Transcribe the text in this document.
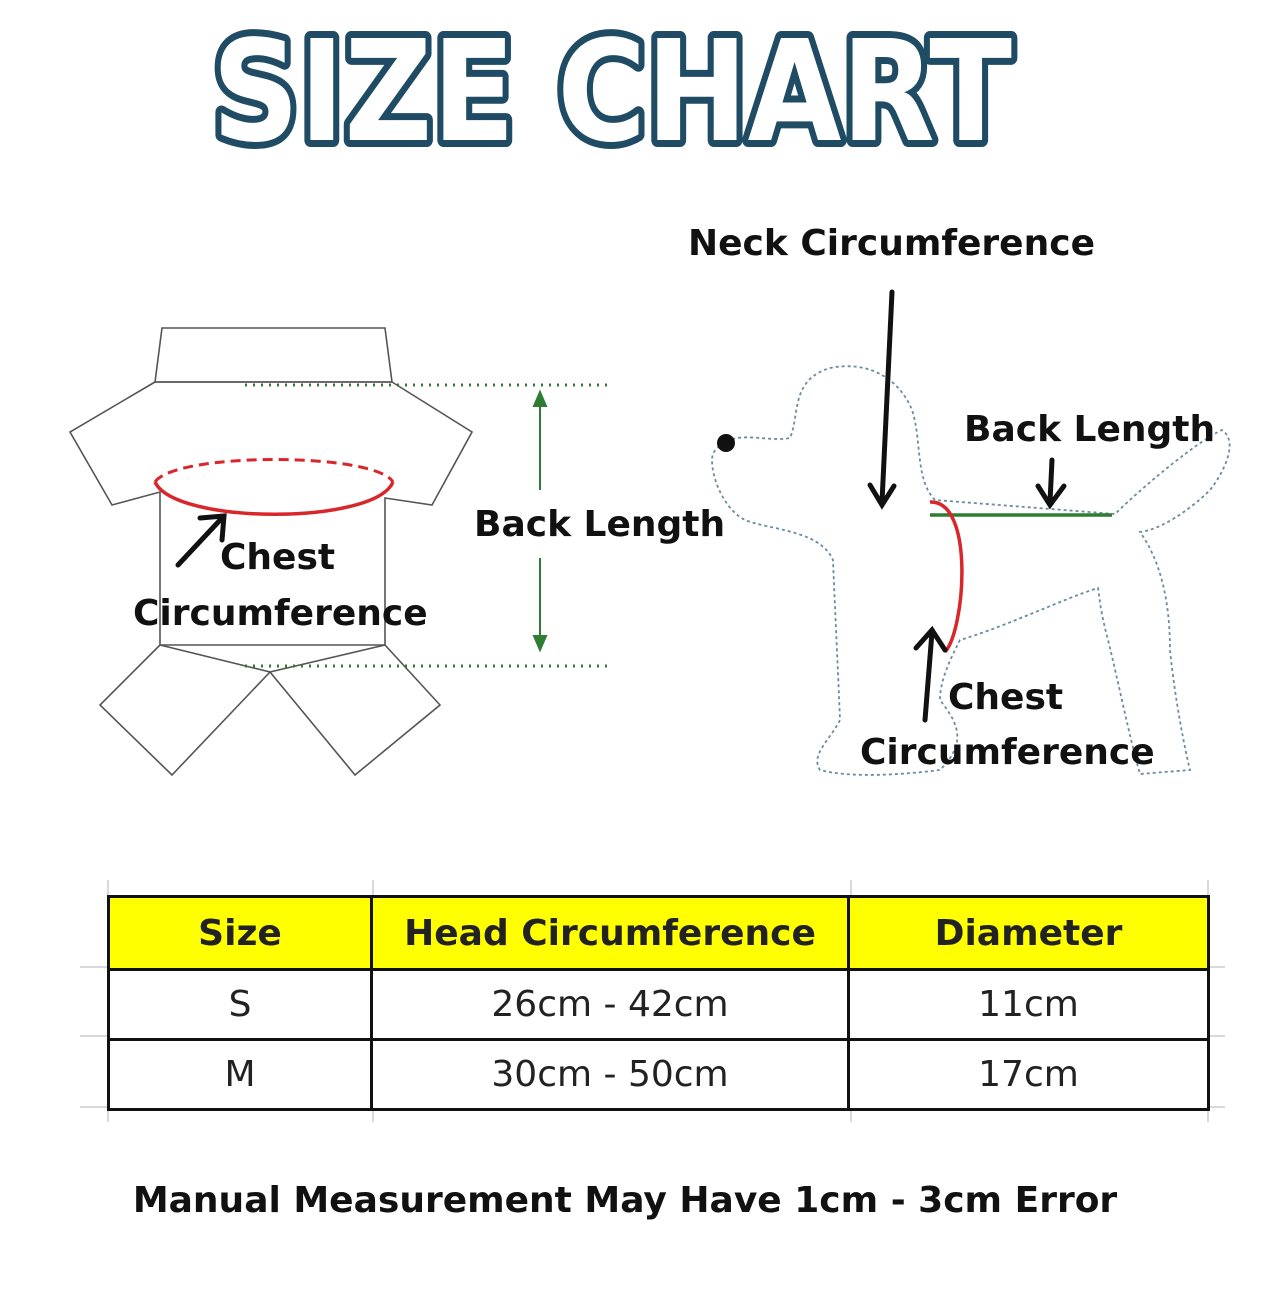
SIZE CHART
Chest
Circumference
Back Length
Neck Circumference
Back Length
Chest
Circumference
Size	Head Circumference	Diameter
S	26cm - 42cm	11cm
M	30cm - 50cm	17cm
Manual Measurement May Have 1cm - 3cm Error
